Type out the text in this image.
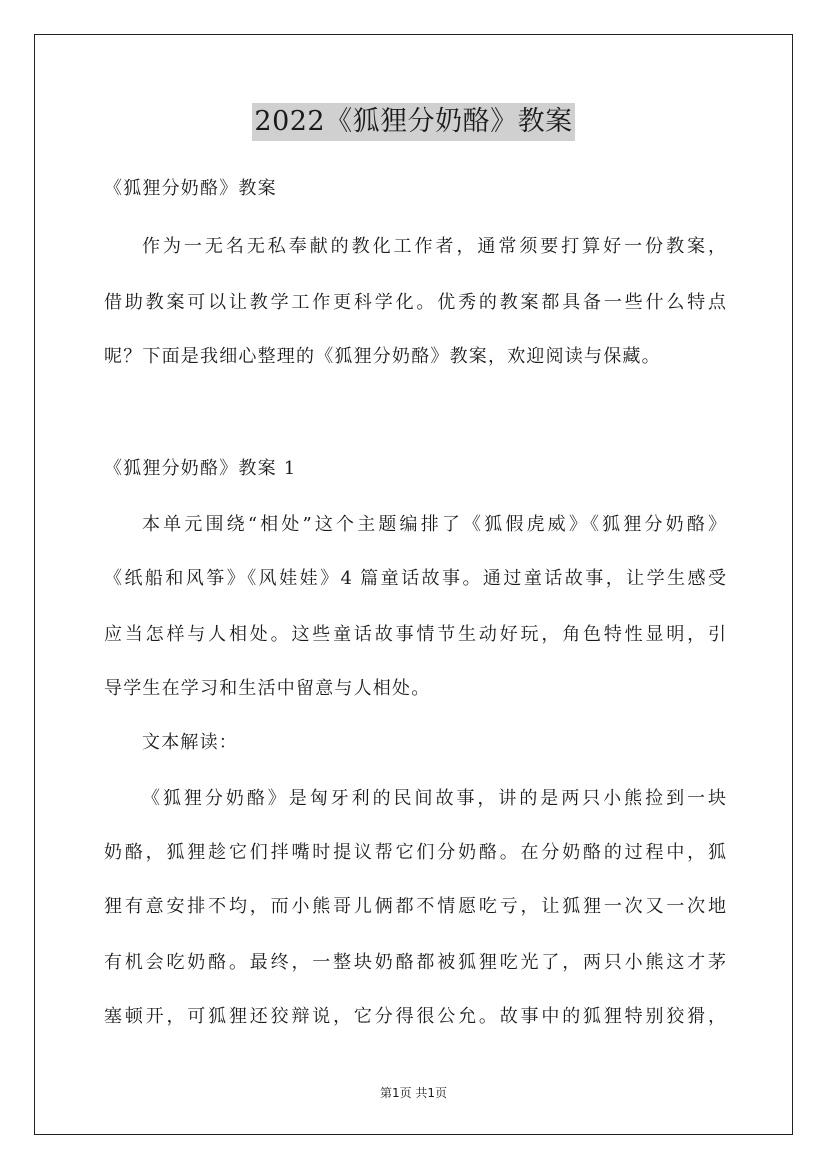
2022《狐狸分奶酪》教案
《狐狸分奶酪》教案
作为一无名无私奉献的教化工作者，通常须要打算好一份教案，
借助教案可以让教学工作更科学化。优秀的教案都具备一些什么特点
呢？下面是我细心整理的《狐狸分奶酪》教案，欢迎阅读与保藏。
《狐狸分奶酪》教案 1
本单元围绕“相处”这个主题编排了《狐假虎威》《狐狸分奶酪》
《纸船和风筝》《风娃娃》4 篇童话故事。通过童话故事，让学生感受
应当怎样与人相处。这些童话故事情节生动好玩，角色特性显明，引
导学生在学习和生活中留意与人相处。
文本解读：
《狐狸分奶酪》是匈牙利的民间故事，讲的是两只小熊捡到一块
奶酪，狐狸趁它们拌嘴时提议帮它们分奶酪。在分奶酪的过程中，狐
狸有意安排不均，而小熊哥儿俩都不情愿吃亏，让狐狸一次又一次地
有机会吃奶酪。最终，一整块奶酪都被狐狸吃光了，两只小熊这才茅
塞顿开，可狐狸还狡辩说，它分得很公允。故事中的狐狸特别狡猾，
第1页 共1页
